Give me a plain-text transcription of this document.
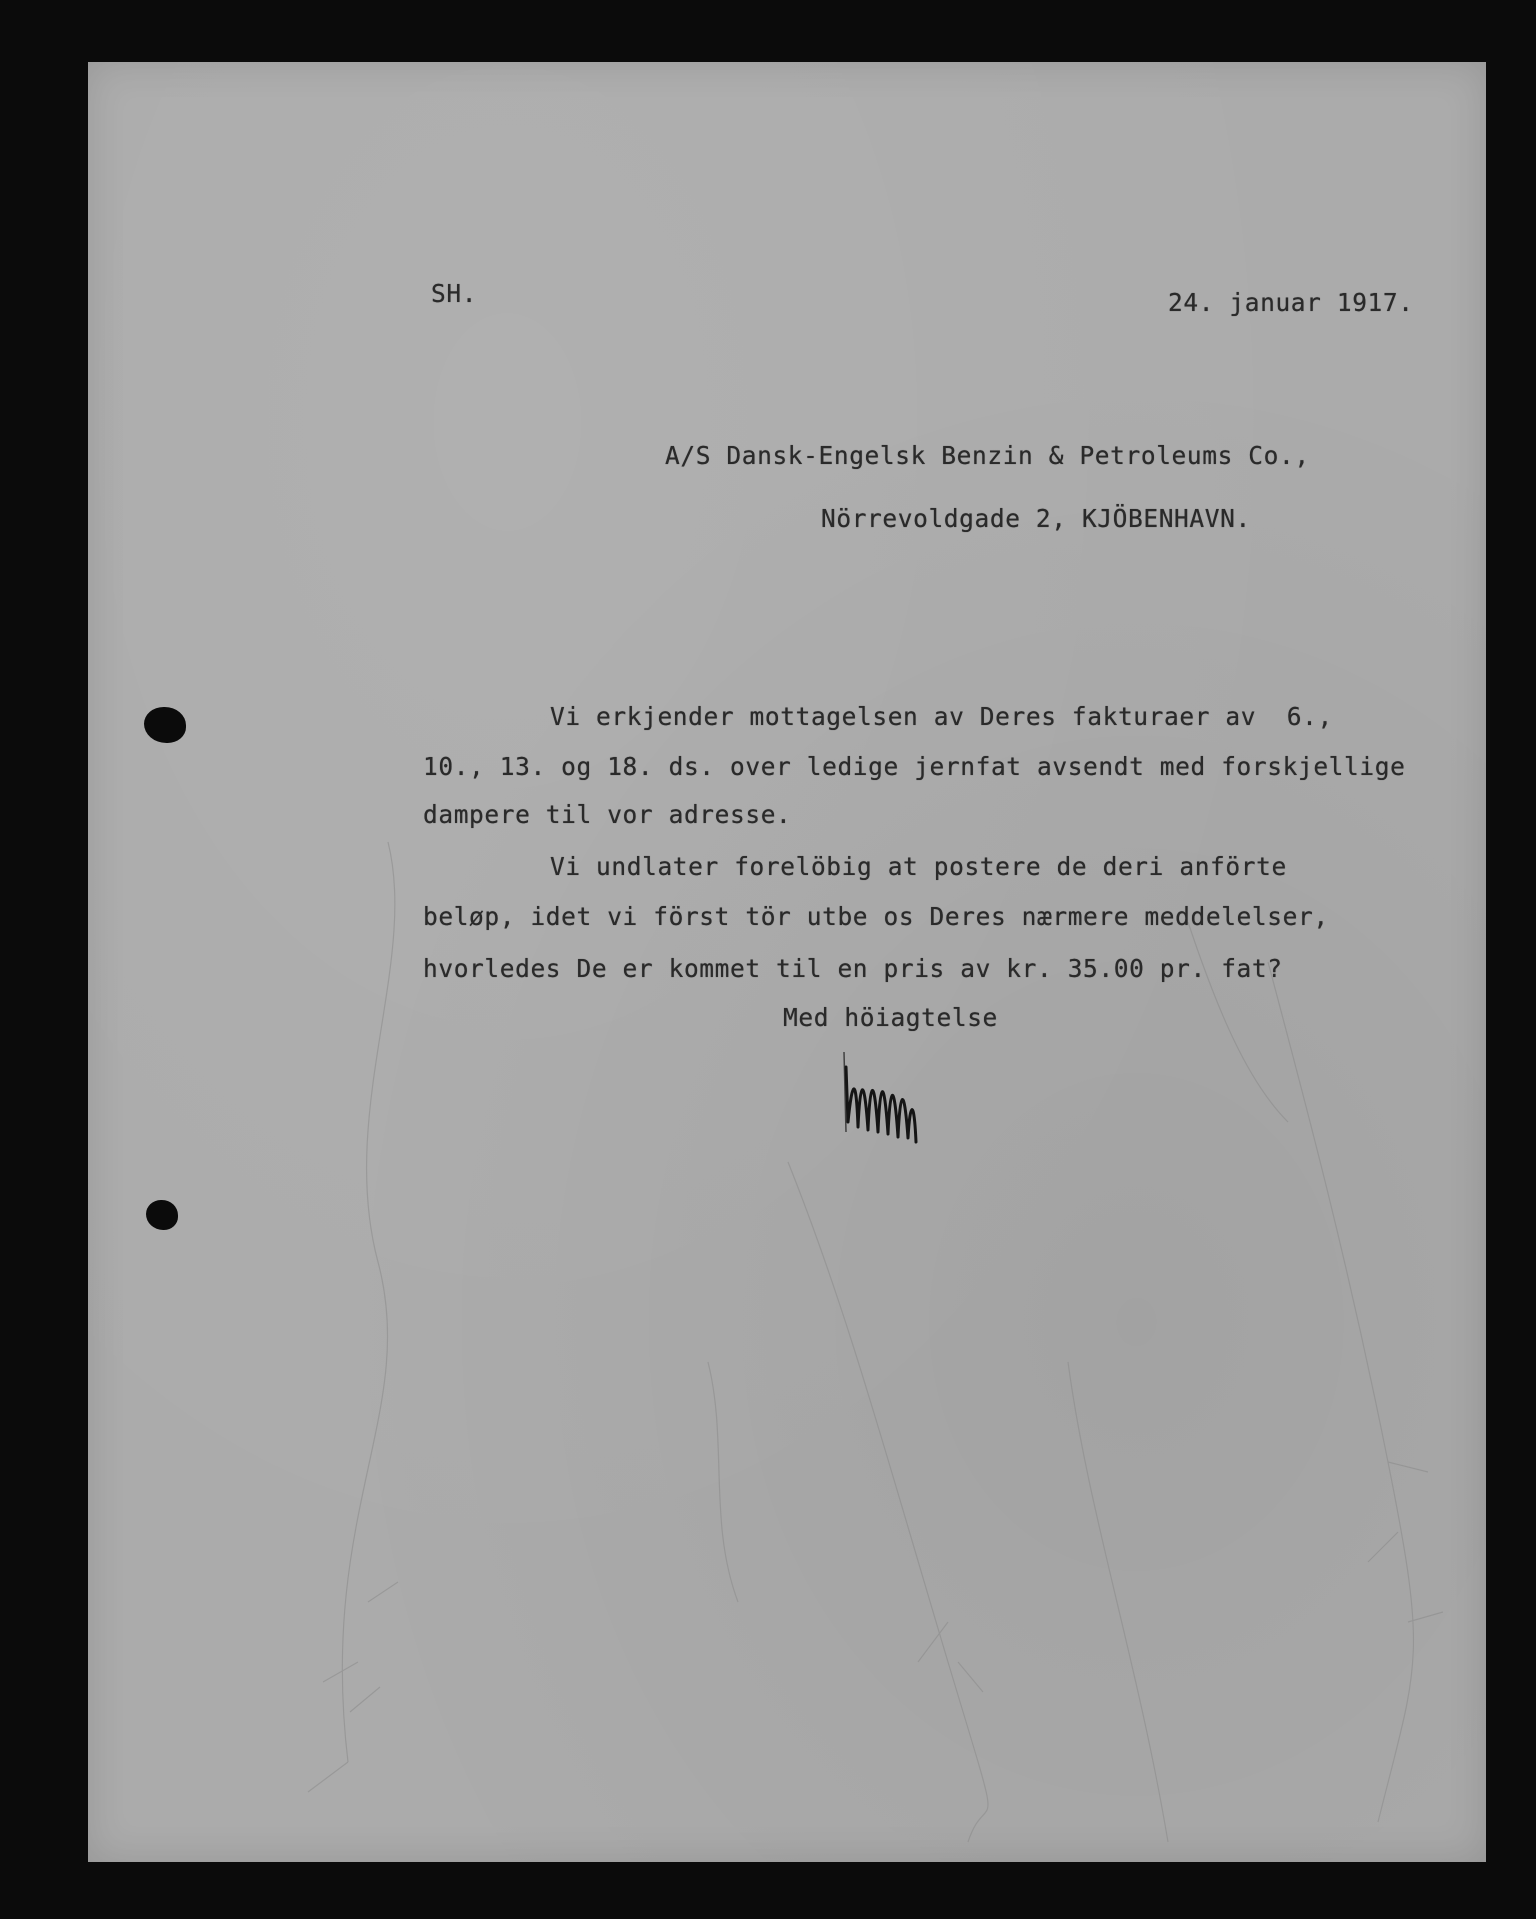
SH.	24. januar 1917.
A/S Dansk-Engelsk Benzin & Petroleums Co.,
Nörrevoldgade 2, KJÖBENHAVN.
Vi erkjender mottagelsen av Deres fakturaer av  6.,
10., 13. og 18. ds. over ledige jernfat avsendt med forskjellige
dampere til vor adresse.
Vi undlater forelöbig at postere de deri anförte
beløp, idet vi först tör utbe os Deres nærmere meddelelser,
hvorledes De er kommet til en pris av kr. 35.00 pr. fat?
Med höiagtelse
